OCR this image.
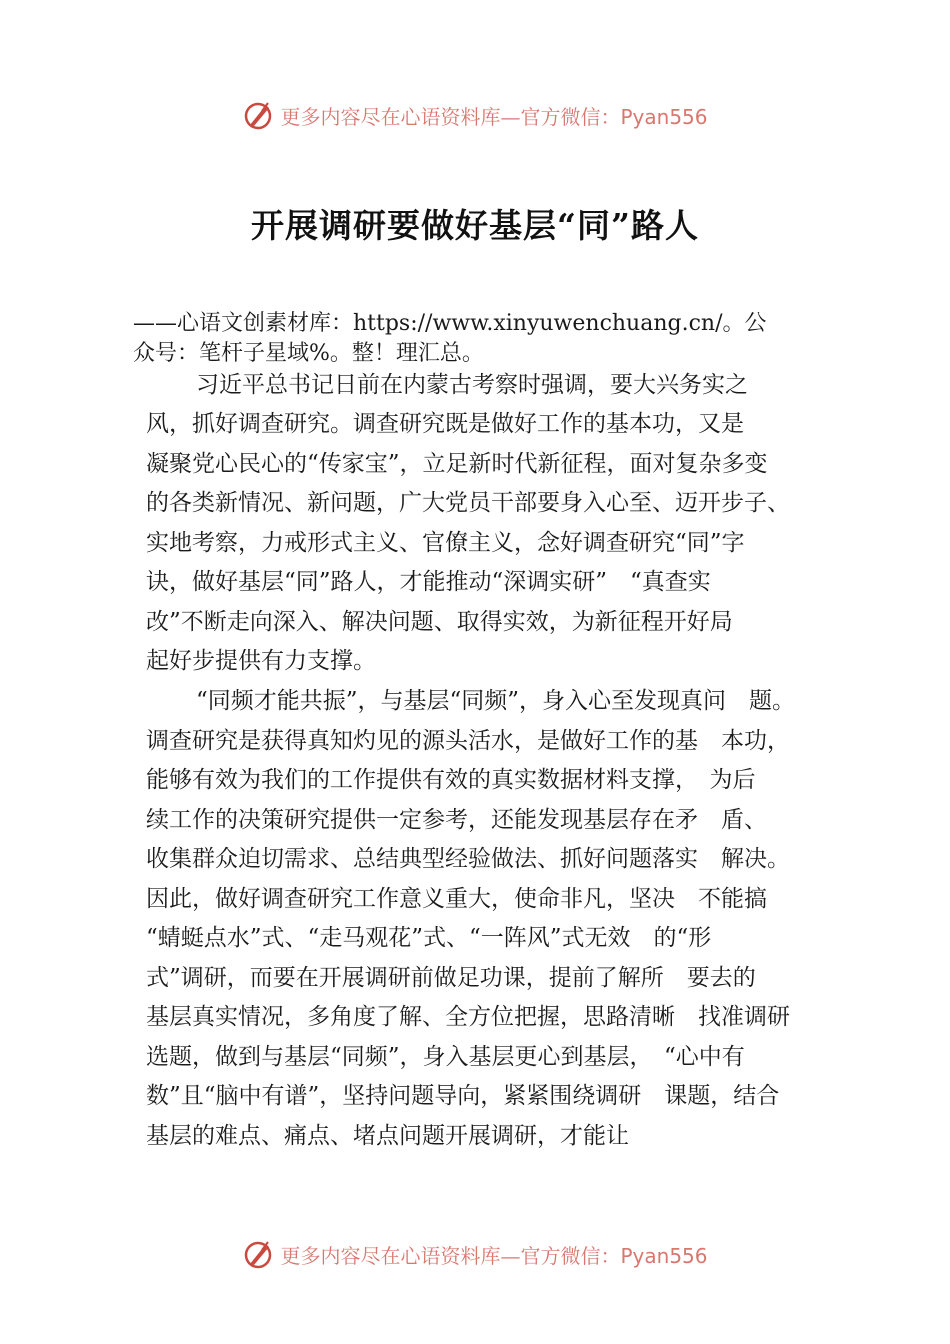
更多内容尽在心语资料库—官方微信：Pyan556
开展调研要做好基层“同”路人
——心语文创素材库：https://www.xinyuwenchuang.cn/。公
众号：笔杆子星域%。整！理汇总。
习近平总书记日前在内蒙古考察时强调，要大兴务实之
风，抓好调查研究。调查研究既是做好工作的基本功，又是
凝聚党心民心的“传家宝”，立足新时代新征程，面对复杂多变
的各类新情况、新问题，广大党员干部要身入心至、迈开步子、
实地考察，力戒形式主义、官僚主义，念好调查研究“同”字
诀，做好基层“同”路人，才能推动“深调实研”　“真查实
改”不断走向深入、解决问题、取得实效，为新征程开好局
起好步提供有力支撑。
“同频才能共振”，与基层“同频”，身入心至发现真问　题。
调查研究是获得真知灼见的源头活水，是做好工作的基　本功，
能够有效为我们的工作提供有效的真实数据材料支撑，　为后
续工作的决策研究提供一定参考，还能发现基层存在矛　盾、
收集群众迫切需求、总结典型经验做法、抓好问题落实　解决。
因此，做好调查研究工作意义重大，使命非凡，坚决　不能搞
“蜻蜓点水”式、“走马观花”式、“一阵风”式无效　的“形
式”调研，而要在开展调研前做足功课，提前了解所　要去的
基层真实情况，多角度了解、全方位把握，思路清晰　找准调研
选题，做到与基层“同频”，身入基层更心到基层，　“心中有
数”且“脑中有谱”，坚持问题导向，紧紧围绕调研　课题，结合
基层的难点、痛点、堵点问题开展调研，才能让
更多内容尽在心语资料库—官方微信：Pyan556
